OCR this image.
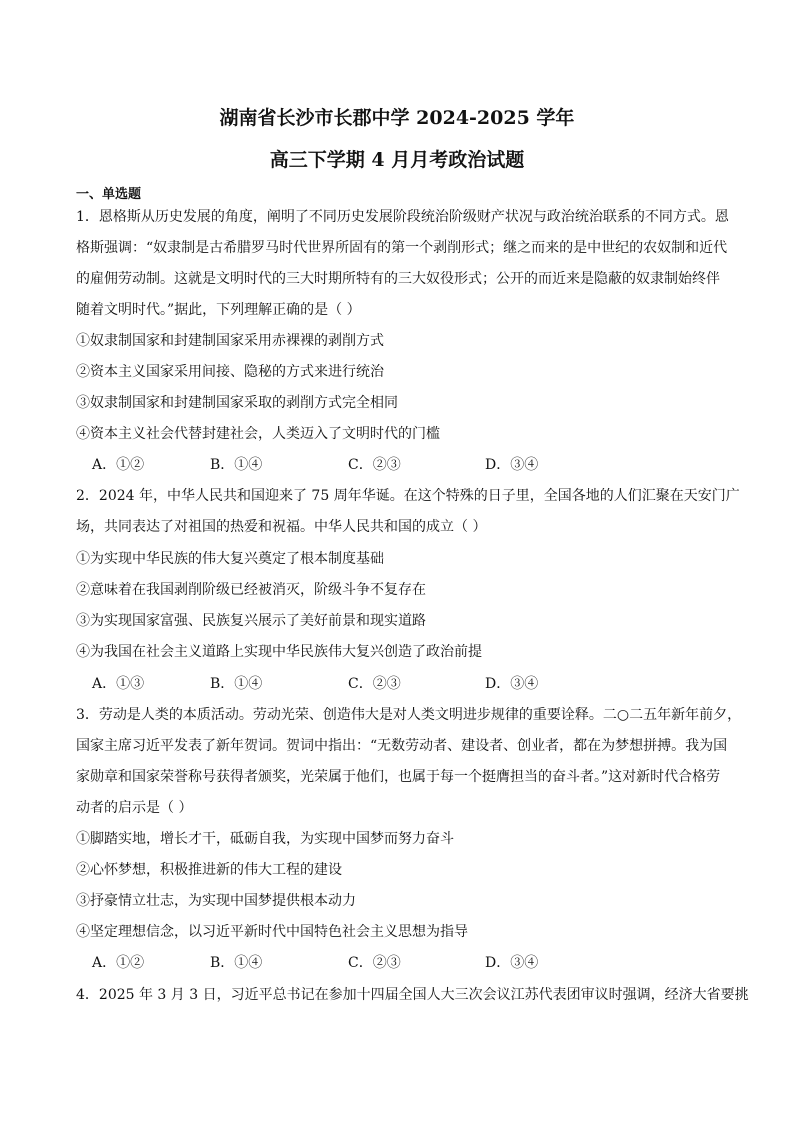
湖南省长沙市长郡中学 2024-2025 学年
高三下学期 4 月月考政治试题
一、单选题
1．恩格斯从历史发展的角度，阐明了不同历史发展阶段统治阶级财产状况与政治统治联系的不同方式。恩
格斯强调：“奴隶制是古希腊罗马时代世界所固有的第一个剥削形式；继之而来的是中世纪的农奴制和近代
的雇佣劳动制。这就是文明时代的三大时期所特有的三大奴役形式；公开的而近来是隐蔽的奴隶制始终伴
随着文明时代。”据此，下列理解正确的是（ ）
①奴隶制国家和封建制国家采用赤裸裸的剥削方式
②资本主义国家采用间接、隐秘的方式来进行统治
③奴隶制国家和封建制国家采取的剥削方式完全相同
④资本主义社会代替封建社会，人类迈入了文明时代的门槛
A．①②	B．①④	C．②③	D．③④
2．2024 年，中华人民共和国迎来了 75 周年华诞。在这个特殊的日子里，全国各地的人们汇聚在天安门广
场，共同表达了对祖国的热爱和祝福。中华人民共和国的成立（ ）
①为实现中华民族的伟大复兴奠定了根本制度基础
②意味着在我国剥削阶级已经被消灭，阶级斗争不复存在
③为实现国家富强、民族复兴展示了美好前景和现实道路
④为我国在社会主义道路上实现中华民族伟大复兴创造了政治前提
A．①③	B．①④	C．②③	D．③④
3．劳动是人类的本质活动。劳动光荣、创造伟大是对人类文明进步规律的重要诠释。二○二五年新年前夕，
国家主席习近平发表了新年贺词。贺词中指出：“无数劳动者、建设者、创业者，都在为梦想拼搏。我为国
家勋章和国家荣誉称号获得者颁奖，光荣属于他们，也属于每一个挺膺担当的奋斗者。”这对新时代合格劳
动者的启示是（ ）
①脚踏实地，增长才干，砥砺自我，为实现中国梦而努力奋斗
②心怀梦想，积极推进新的伟大工程的建设
③抒豪情立壮志，为实现中国梦提供根本动力
④坚定理想信念，以习近平新时代中国特色社会主义思想为指导
A．①②	B．①④	C．②③	D．③④
4．2025 年 3 月 3 日，习近平总书记在参加十四届全国人大三次会议江苏代表团审议时强调，经济大省要挑
